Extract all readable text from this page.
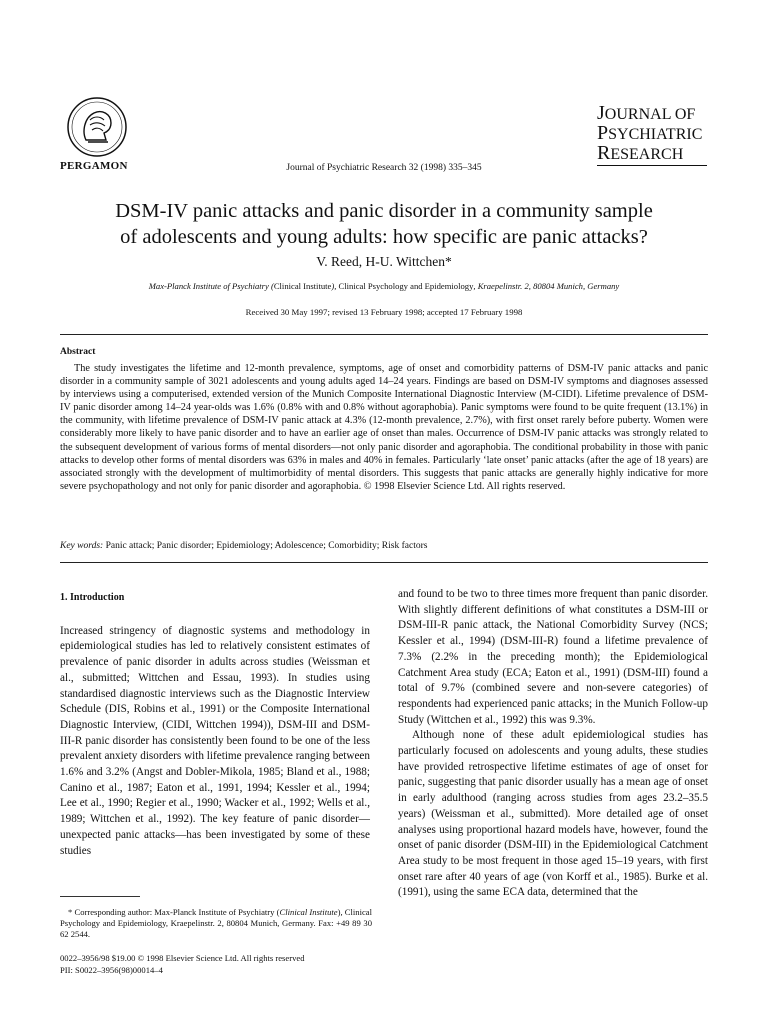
PERGAMON	Journal of Psychiatric Research 32 (1998) 335–345
JOURNAL OF
PSYCHIATRIC
RESEARCH
DSM-IV panic attacks and panic disorder in a community sample
of adolescents and young adults: how specific are panic attacks?
V. Reed, H-U. Wittchen*
Max-Planck Institute of Psychiatry (Clinical Institute), Clinical Psychology and Epidemiology, Kraepelinstr. 2, 80804 Munich, Germany
Received 30 May 1997; revised 13 February 1998; accepted 17 February 1998
Abstract
The study investigates the lifetime and 12-month prevalence, symptoms, age of onset and comorbidity patterns of DSM-IV panic attacks and panic disorder in a community sample of 3021 adolescents and young adults aged 14–24 years. Findings are based on DSM-IV symptoms and diagnoses assessed by interviews using a computerised, extended version of the Munich Composite International Diagnostic Interview (M-CIDI). Lifetime prevalence of DSM-IV panic disorder among 14–24 year-olds was 1.6% (0.8% with and 0.8% without agoraphobia). Panic symptoms were found to be quite frequent (13.1%) in the community, with lifetime prevalence of DSM-IV panic attack at 4.3% (12-month prevalence, 2.7%), with first onset rarely before puberty. Women were considerably more likely to have panic disorder and to have an earlier age of onset than males. Occurrence of DSM-IV panic attacks was strongly related to the subsequent development of various forms of mental disorders—not only panic disorder and agoraphobia. The conditional probability in those with panic attacks to develop other forms of mental disorders was 63% in males and 40% in females. Particularly ‘late onset’ panic attacks (after the age of 18 years) are associated strongly with the development of multimorbidity of mental disorders. This suggests that panic attacks are generally highly indicative for more severe psychopathology and not only for panic disorder and agoraphobia. © 1998 Elsevier Science Ltd. All rights reserved.
Key words: Panic attack; Panic disorder; Epidemiology; Adolescence; Comorbidity; Risk factors
1. Introduction

Increased stringency of diagnostic systems and methodology in epidemiological studies has led to relatively consistent estimates of prevalence of panic disorder in adults across studies (Weissman et al., submitted; Wittchen and Essau, 1993). In studies using standardised diagnostic interviews such as the Diagnostic Interview Schedule (DIS, Robins et al., 1991) or the Composite International Diagnostic Interview, (CIDI, Wittchen 1994)), DSM-III and DSM-III-R panic disorder has consistently been found to be one of the less prevalent anxiety disorders with lifetime prevalence ranging between 1.6% and 3.2% (Angst and Dobler-Mikola, 1985; Bland et al., 1988; Canino et al., 1987; Eaton et al., 1991, 1994; Kessler et al., 1994; Lee et al., 1990; Regier et al., 1990; Wacker et al., 1992; Wells et al., 1989; Wittchen et al., 1992). The key feature of panic disorder—unexpected panic attacks—has been investigated by some of these studies

and found to be two to three times more frequent than panic disorder. With slightly different definitions of what constitutes a DSM-III or DSM-III-R panic attack, the National Comorbidity Survey (NCS; Kessler et al., 1994) (DSM-III-R) found a lifetime prevalence of 7.3% (2.2% in the preceding month); the Epidemiological Catchment Area study (ECA; Eaton et al., 1991) (DSM-III) found a total of 9.7% (combined severe and non-severe categories) of respondents had experienced panic attacks; in the Munich Follow-up Study (Wittchen et al., 1992) this was 9.3%.

Although none of these adult epidemiological studies has particularly focused on adolescents and young adults, these studies have provided retrospective lifetime estimates of age of onset for panic, suggesting that panic disorder usually has a mean age of onset in early adulthood (ranging across studies from ages 23.2–35.5 years) (Weissman et al., submitted). More detailed age of onset analyses using proportional hazard models have, however, found the onset of panic disorder (DSM-III) in the Epidemiological Catchment Area study to be most frequent in those aged 15–19 years, with first onset rare after 40 years of age (von Korff et al., 1985). Burke et al. (1991), using the same ECA data, determined that the

* Corresponding author: Max-Planck Institute of Psychiatry (Clinical Institute), Clinical Psychology and Epidemiology, Kraepelinstr. 2, 80804 Munich, Germany. Fax: +49 89 30 62 2544.
0022–3956/98 $19.00 © 1998 Elsevier Science Ltd. All rights reserved
PII: S0022–3956(98)00014–4
